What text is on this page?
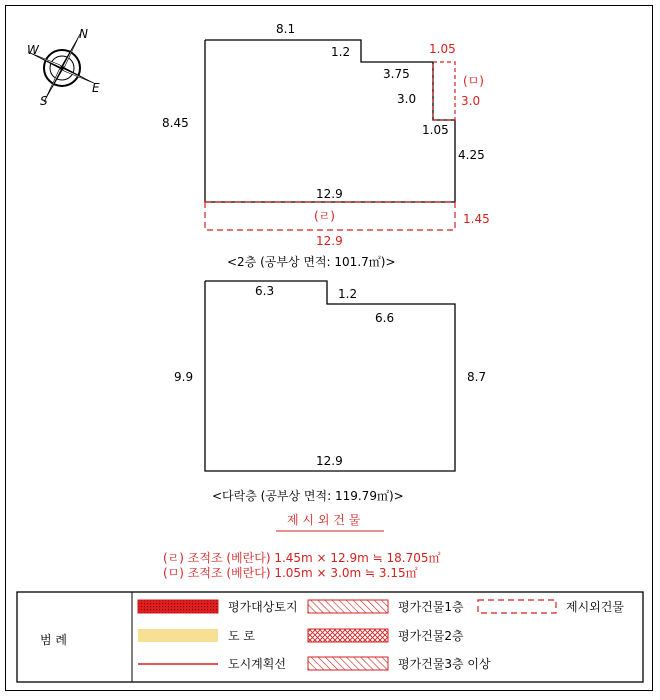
N
E
S
W
8.1
1.2
3.75
3.0
8.45
4.25
12.9
1.05
(ㅁ)
3.0
1.05
(ㄹ)
12.9
1.45
<2층 (공부상 면적: 101.7㎡)>
6.3	1.2
6.6
9.9	8.7
12.9
<다락층 (공부상 면적: 119.79㎡)>
제 시 외 건 물
(ㄹ) 조적조 (베란다) 1.45m × 12.9m ≒ 18.705㎡
(ㅁ) 조적조 (베란다) 1.05m × 3.0m ≒ 3.15㎡
범 례
평가대상토지
도 로
도시계획선
평가건물1층
평가건물2층
평가건물3층 이상
제시외건물
